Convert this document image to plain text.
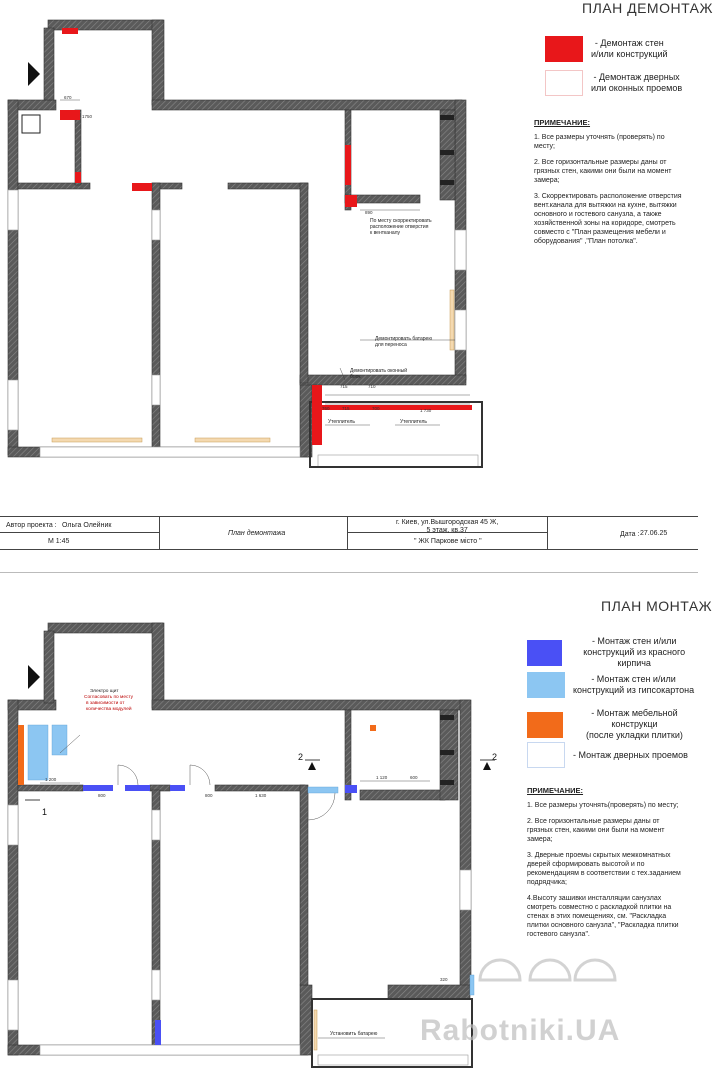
ПЛАН ДЕМОНТАЖ
670
1750
715	710
890
760	715	700	1 730
По месту скорректировать расположение отверстия к вентканалу
Демонтировать батарею для переноса
Демонтировать оконный блок
Утеплитель	Утеплитель
- Демонтаж стен
и/или конструкций
- Демонтаж дверных
или оконных проемов
ПРИМЕЧАНИЕ:

1. Все размеры уточнять (проверять) по месту;

2. Все горизонтальные размеры даны от грязных стен, какими они были на момент замера;

3. Скорректировать расположение отверстия вент.канала для вытяжки на кухне, вытяжки основного и гостевого санузла, а также хозяйственной зоны на коридоре, смотреть совместо с "План размещения мебели и оборудования" ,"План потолка".

Автор проекта : Ольга Олейник
М 1:45
План демонтажа
г. Киев, ул.Вышгородская 45 Ж,
5 этаж, кв.37
" ЖК Паркове місто "
Дата : 27.06.25
ПЛАН МОНТАЖ
2	2
1
1 200
800	800	1 630
1 120	600
320
Электро щит Согласовать по месту в зависимости от количества модулей
Установить батарею
- Монтаж стен и/или
конструкций из красного кирпича
- Монтаж стен и/или
конструкций из гипсокартона
- Монтаж мебельной конструкци
(после укладки плитки)
- Монтаж дверных проемов
ПРИМЕЧАНИЕ:

1. Все размеры уточнять(проверять) по месту;

2. Все горизонтальные размеры даны от грязных стен, какими они были на момент замера;

3. Дверные проемы скрытых межкомнатных дверей сформировать высотой и по рекомендациям в соответствии с тех.заданием подрядчика;

4.Высоту зашивки инсталляции санузлах смотреть совместно с раскладкой плитки на стенах в этих помещениях, см. "Раскладка плитки основного санузла", "Раскладка плитки гостевого санузла".

Rabotniki.UA
